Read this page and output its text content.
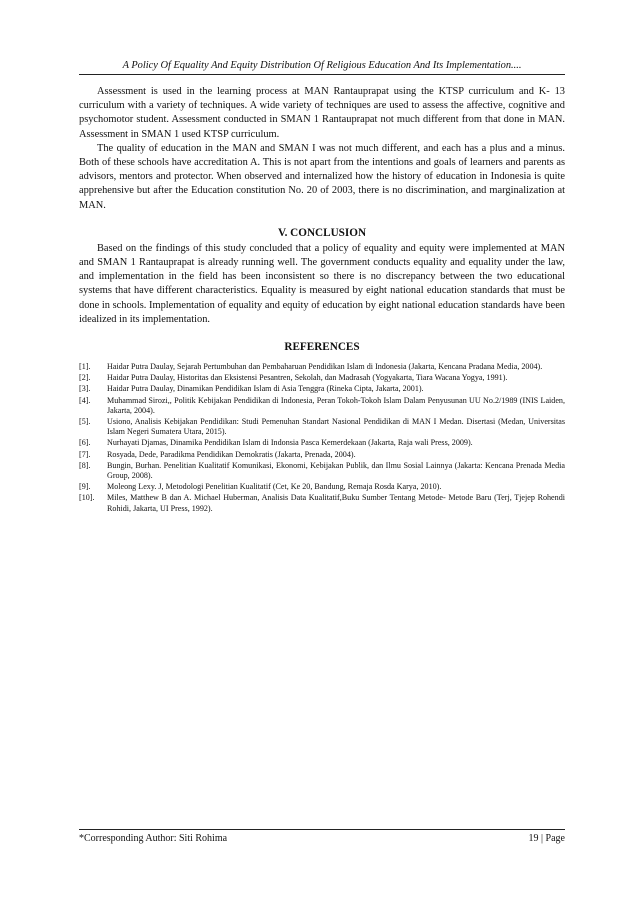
A Policy Of Equality And Equity Distribution Of Religious Education And Its Implementation....

Assessment is used in the learning process at MAN Rantauprapat using the KTSP curriculum and K- 13 curriculum with a variety of techniques. A wide variety of techniques are used to assess the affective, cognitive and psychomotor student. Assessment conducted in SMAN 1 Rantauprapat not much different from that done in MAN. Assessment in SMAN 1 used KTSP curriculum.

The quality of education in the MAN and SMAN I was not much different, and each has a plus and a minus. Both of these schools have accreditation A. This is not apart from the intentions and goals of learners and parents as advisors, mentors and protector. When observed and internalized how the history of education in Indonesia is quite apprehensive but after the Education constitution No. 20 of 2003, there is no discrimination, and marginalization at MAN.

V. CONCLUSION

Based on the findings of this study concluded that a policy of equality and equity were implemented at MAN and SMAN 1 Rantauprapat is already running well. The government conducts equality and equality under the law, and implementation in the field has been inconsistent so there is no discrepancy between the two educational systems that have different characteristics. Equality is measured by eight national education standards that must be done in schools. Implementation of equality and equity of education by eight national education standards have been idealized in its implementation.

REFERENCES
[1].	Haidar Putra Daulay, Sejarah Pertumbuhan dan Pembaharuan Pendidikan Islam di Indonesia (Jakarta, Kencana Pradana Media, 2004).
[2].	Haidar Putra Daulay, Historitas dan Eksistensi Pesantren, Sekolah, dan Madrasah (Yogyakarta, Tiara Wacana Yogya, 1991).
[3].	Haidar Putra Daulay, Dinamikan Pendidikan Islam di Asia Tenggra (Rineka Cipta, Jakarta, 2001).
[4].	Muhammad Sirozi,, Politik Kebijakan Pendidikan di Indonesia, Peran Tokoh-Tokoh Islam Dalam Penyusunan UU No.2/1989 (INIS Laiden, Jakarta, 2004).
[5].	Usiono, Analisis Kebijakan Pendidikan: Studi Pemenuhan Standart Nasional Pendidikan di MAN I Medan. Disertasi (Medan, Universitas Islam Negeri Sumatera Utara, 2015).
[6].	Nurhayati Djamas, Dinamika Pendidikan Islam di Indonsia Pasca Kemerdekaan (Jakarta, Raja wali Press, 2009).
[7].	Rosyada, Dede, Paradikma Pendidikan Demokratis (Jakarta, Prenada, 2004).
[8].	Bungin, Burhan. Penelitian Kualitatif Komunikasi, Ekonomi, Kebijakan Publik, dan Ilmu Sosial Lainnya (Jakarta: Kencana Prenada Media Group, 2008).
[9].	Moleong Lexy. J, Metodologi Penelitian Kualitatif (Cet, Ke 20, Bandung, Remaja Rosda Karya, 2010).
[10].	Miles, Matthew B dan A. Michael Huberman, Analisis Data Kualitatif,Buku Sumber Tentang Metode- Metode Baru (Terj, Tjejep Rohendi Rohidi, Jakarta, UI Press, 1992).
*Corresponding Author: Siti Rohima	19 | Page
